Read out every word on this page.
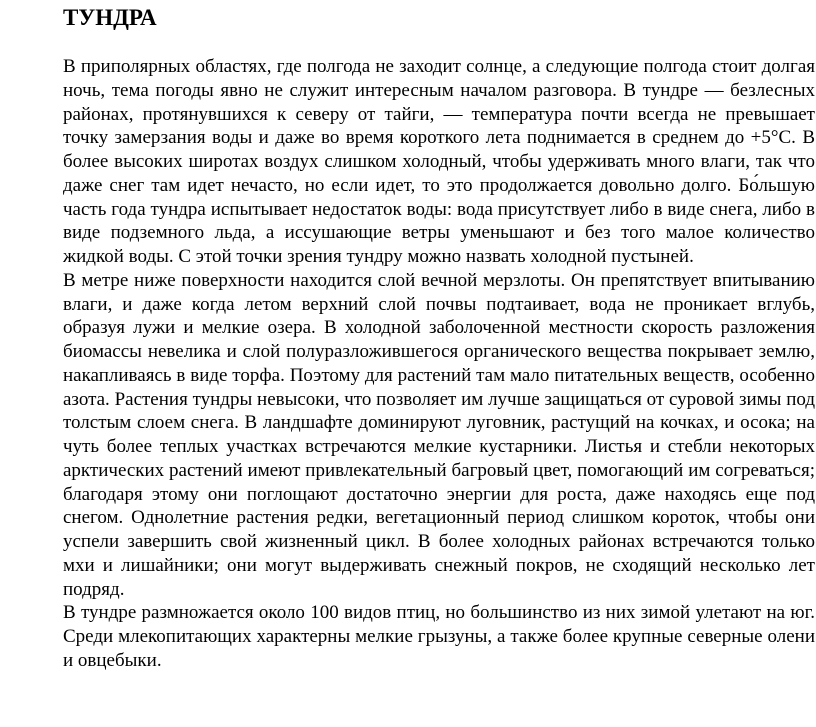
ТУНДРА

В приполярных областях, где полгода не заходит солнце, а следующие полгода стоит долгая ночь, тема погоды явно не служит интересным началом разговора. В тундре — безлесных районах, протянувшихся к северу от тайги, — температура почти всегда не превышает точку замерзания воды и даже во время короткого лета поднимается в среднем до +5°С. В более высоких широтах воздух слишком холодный, чтобы удерживать много влаги, так что даже снег там идет нечасто, но если идет, то это продолжается довольно долго. Бо́льшую часть года тундра испытывает недостаток воды: вода присутствует либо в виде снега, либо в виде подземного льда, а иссушающие ветры уменьшают и без того малое количество жидкой воды. С этой точки зрения тундру можно назвать холодной пустыней.

В метре ниже поверхности находится слой вечной мерзлоты. Он препятствует впитыванию влаги, и даже когда летом верхний слой почвы подтаивает, вода не проникает вглубь, образуя лужи и мелкие озера. В холодной заболоченной местности скорость разложения биомассы невелика и слой полуразложившегося органического вещества покрывает землю, накапливаясь в виде торфа. Поэтому для растений там мало питательных веществ, особенно азота. Растения тундры невысоки, что позволяет им лучше защищаться от суровой зимы под толстым слоем снега. В ландшафте доминируют луговник, растущий на кочках, и осока; на чуть более теплых участках встречаются мелкие кустарники. Листья и стебли некоторых арктических растений имеют привлекательный багровый цвет, помогающий им согреваться; благодаря этому они поглощают достаточно энергии для роста, даже находясь еще под снегом. Однолетние растения редки, вегетационный период слишком короток, чтобы они успели завершить свой жизненный цикл. В более холодных районах встречаются только мхи и лишайники; они могут выдерживать снежный покров, не сходящий несколько лет подряд.

В тундре размножается около 100 видов птиц, но большинство из них зимой улетают на юг. Среди млекопитающих характерны мелкие грызуны, а также более крупные северные олени и овцебыки.
